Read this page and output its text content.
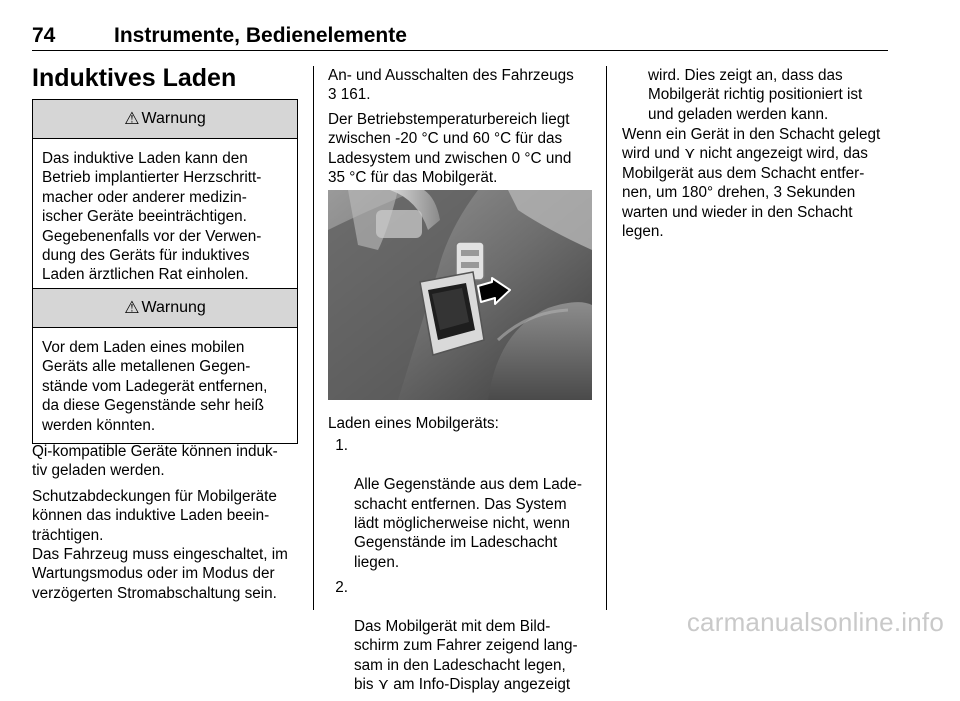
74	Instrumente, Bedienelemente
Induktives Laden
⚠ Warnung
Das induktive Laden kann den
Betrieb implantierter Herzschritt-
macher oder anderer medizin-
ischer Geräte beeinträchtigen.
Gegebenenfalls vor der Verwen-
dung des Geräts für induktives
Laden ärztlichen Rat einholen.
⚠ Warnung
Vor dem Laden eines mobilen
Geräts alle metallenen Gegen-
stände vom Ladegerät entfernen,
da diese Gegenstände sehr heiß
werden könnten.
Qi-kompatible Geräte können induk-
tiv geladen werden.
Schutzabdeckungen für Mobilgeräte
können das induktive Laden beein-
trächtigen.
Das Fahrzeug muss eingeschaltet, im
Wartungsmodus oder im Modus der
verzögerten Stromabschaltung sein.
An- und Ausschalten des Fahrzeugs
3 161.
Der Betriebstemperaturbereich liegt
zwischen -20 °C und 60 °C für das
Ladesystem und zwischen 0 °C und
35 °C für das Mobilgerät.
Laden eines Mobilgeräts:

1.

Alle Gegenstände aus dem Lade-
schacht entfernen. Das System
lädt möglicherweise nicht, wenn
Gegenstände im Ladeschacht
liegen.

2.

Das Mobilgerät mit dem Bild-
schirm zum Fahrer zeigend lang-
sam in den Ladeschacht legen,
bis ⋎ am Info-Display angezeigt

wird. Dies zeigt an, dass das
Mobilgerät richtig positioniert ist
und geladen werden kann.
Wenn ein Gerät in den Schacht gelegt
wird und ⋎ nicht angezeigt wird, das
Mobilgerät aus dem Schacht entfer-
nen, um 180° drehen, 3 Sekunden
warten und wieder in den Schacht
legen.
carmanualsonline.info
